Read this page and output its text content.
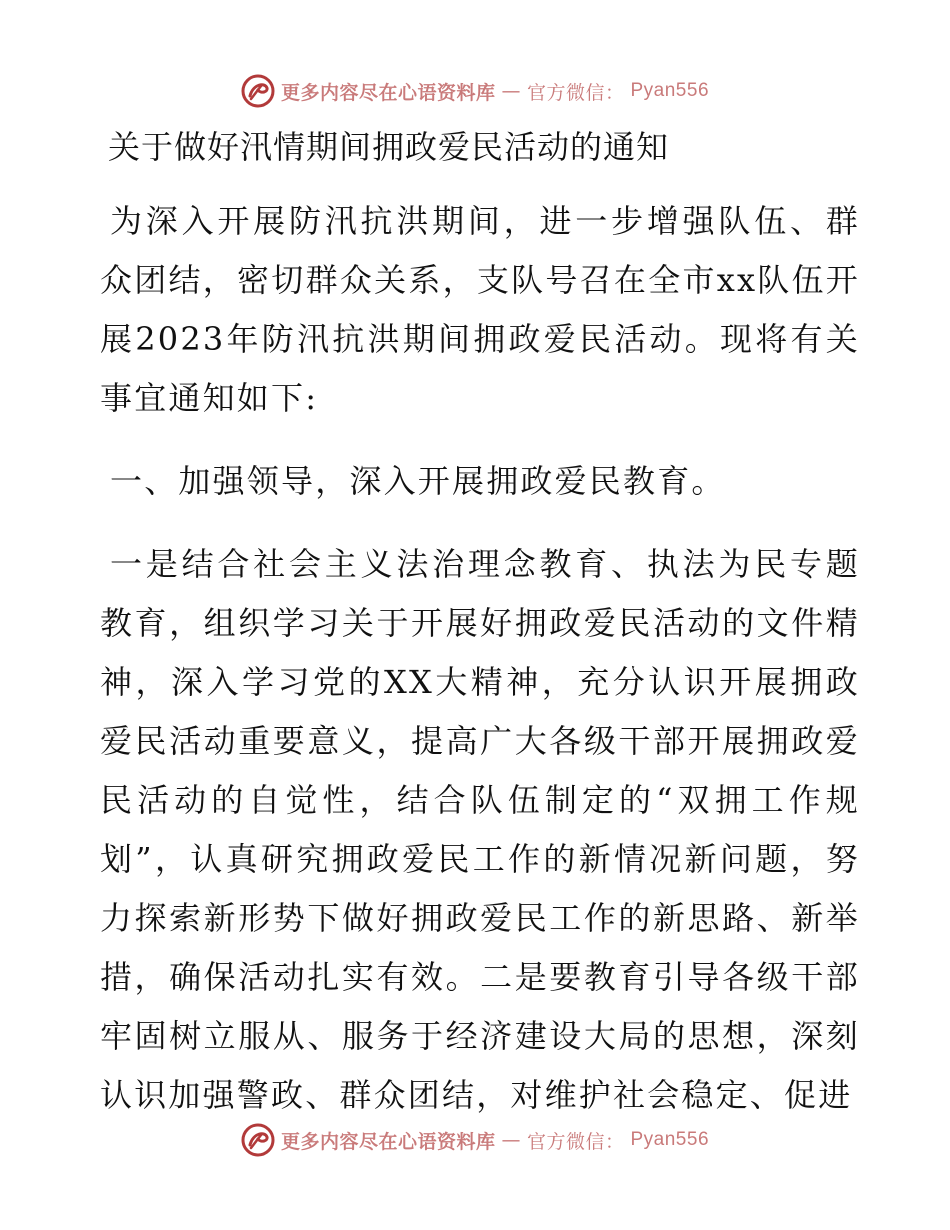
更多内容尽在心语资料库 — 官方微信： Pyan556
关于做好汛情期间拥政爱民活动的通知

为深入开展防汛抗洪期间，进一步增强队伍、群众团结，密切群众关系，支队号召在全市xx队伍开展2023年防汛抗洪期间拥政爱民活动。现将有关事宜通知如下:

一、加强领导，深入开展拥政爱民教育。

一是结合社会主义法治理念教育、执法为民专题教育，组织学习关于开展好拥政爱民活动的文件精神，深入学习党的XX大精神，充分认识开展拥政爱民活动重要意义，提高广大各级干部开展拥政爱民活动的自觉性，结合队伍制定的“双拥工作规划”，认真研究拥政爱民工作的新情况新问题，努力探索新形势下做好拥政爱民工作的新思路、新举措，确保活动扎实有效。二是要教育引导各级干部牢固树立服从、服务于经济建设大局的思想，深刻认识加强警政、群众团结，对维护社会稳定、促进

更多内容尽在心语资料库 — 官方微信： Pyan556
